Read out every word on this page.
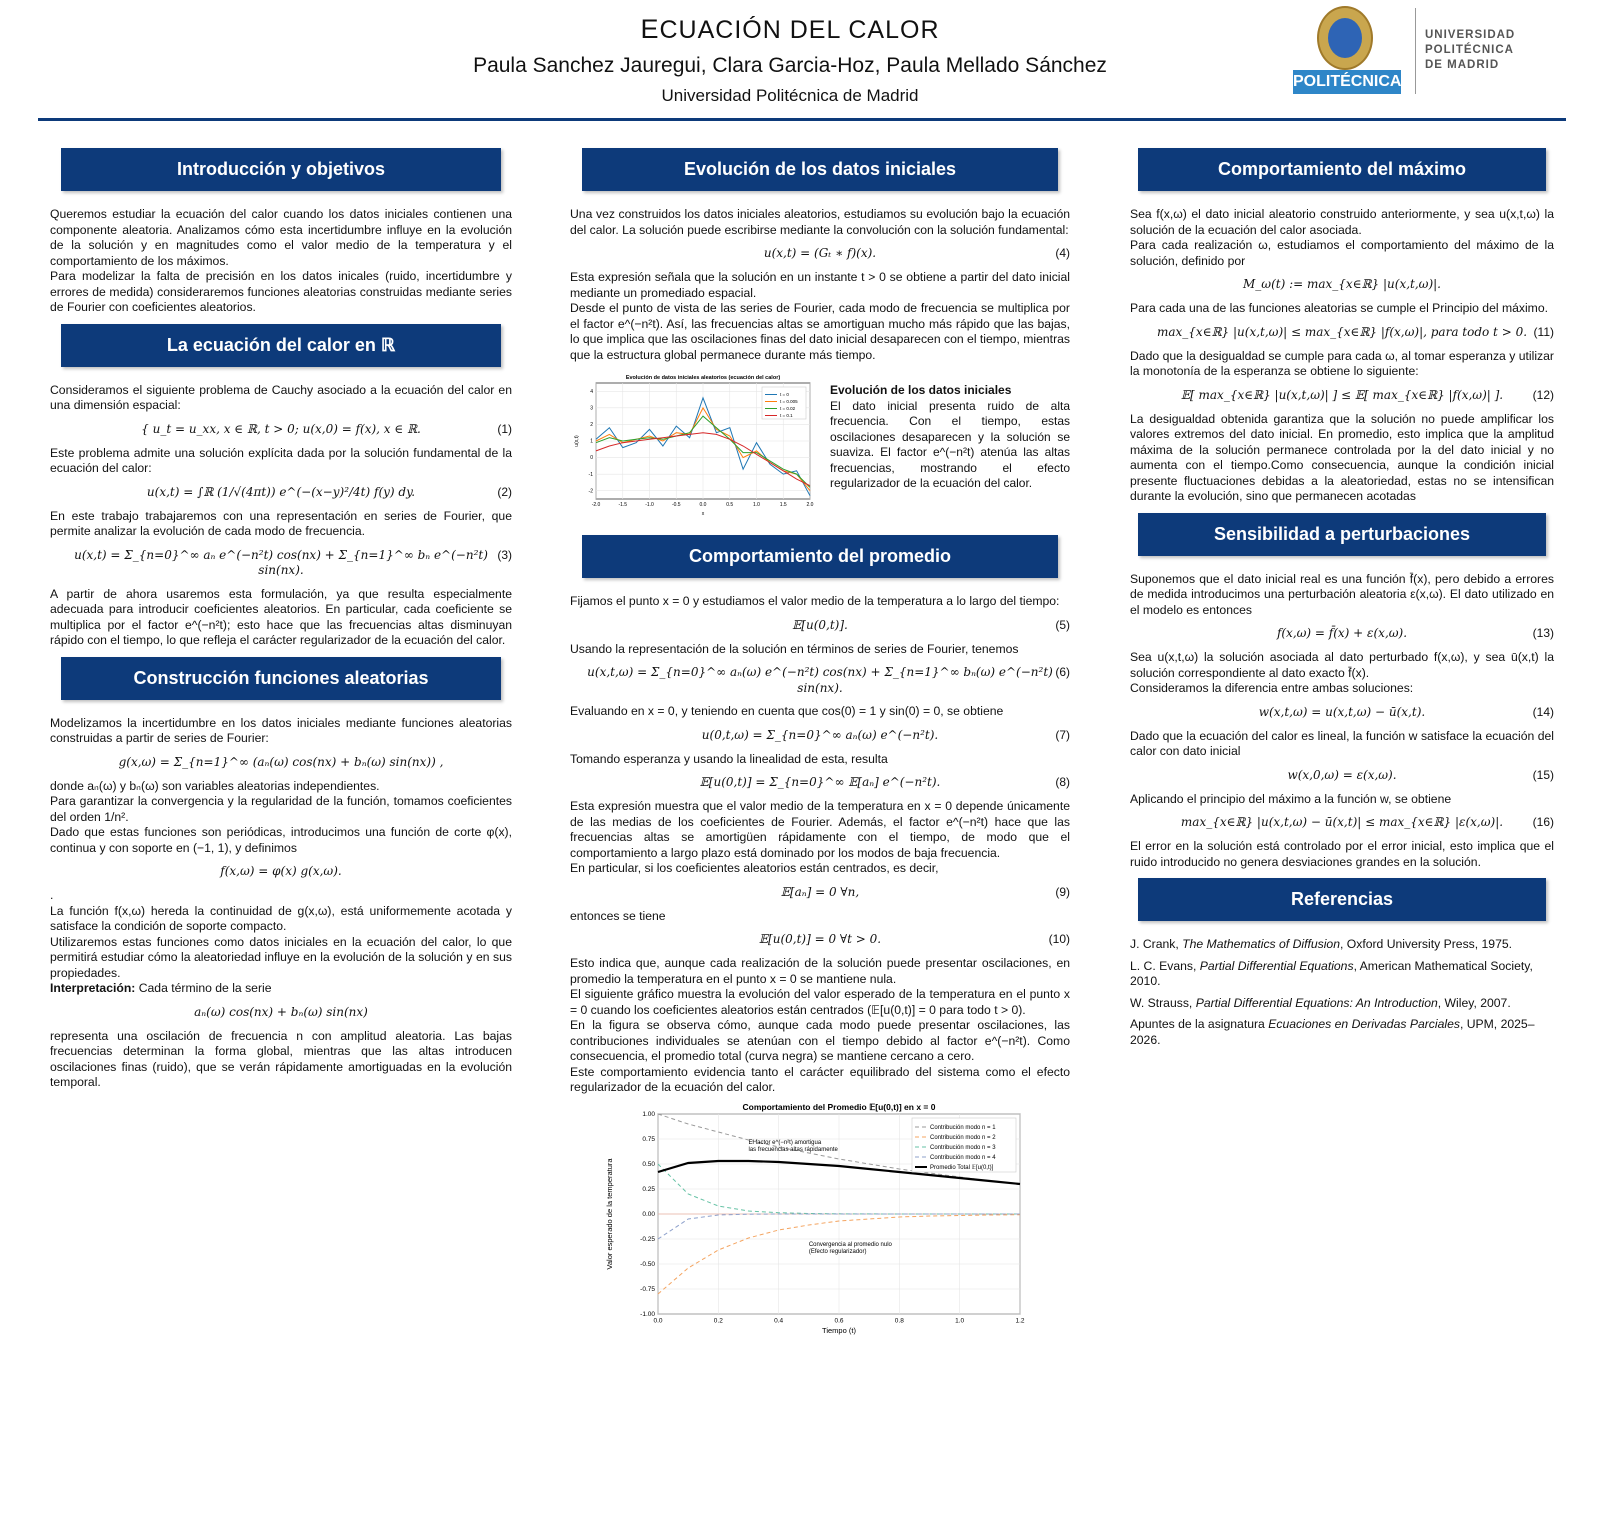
ECUACIÓN DEL CALOR
Paula Sanchez Jauregui, Clara Garcia-Hoz, Paula Mellado Sánchez
Universidad Politécnica de Madrid
POLITÉCNICA
UNIVERSIDAD
POLITÉCNICA
DE MADRID
Introducción y objetivos

Queremos estudiar la ecuación del calor cuando los datos iniciales contienen una componente aleatoria. Analizamos cómo esta incertidumbre influye en la evolución de la solución y en magnitudes como el valor medio de la temperatura y el comportamiento de los máximos.

Para modelizar la falta de precisión en los datos inicales (ruido, incertidumbre y errores de medida) consideraremos funciones aleatorias construidas mediante series de Fourier con coeficientes aleatorios.

La ecuación del calor en ℝ

Consideramos el siguiente problema de Cauchy asociado a la ecuación del calor en una dimensión espacial:

{ u_t = u_xx, x ∈ ℝ, t > 0; u(x,0) = f(x), x ∈ ℝ.	(1)

Este problema admite una solución explícita dada por la solución fundamental de la ecuación del calor:

u(x,t) = ∫ℝ (1/√(4πt)) e^(−(x−y)²/4t) f(y) dy.	(2)

En este trabajo trabajaremos con una representación en series de Fourier, que permite analizar la evolución de cada modo de frecuencia.

u(x,t) = Σ_{n=0}^∞ aₙ e^(−n²t) cos(nx) + Σ_{n=1}^∞ bₙ e^(−n²t) sin(nx).
(3)

A partir de ahora usaremos esta formulación, ya que resulta especialmente adecuada para introducir coeficientes aleatorios. En particular, cada coeficiente se multiplica por el factor e^(−n²t); esto hace que las frecuencias altas disminuyan rápido con el tiempo, lo que refleja el carácter regularizador de la ecuación del calor.

Construcción funciones aleatorias

Modelizamos la incertidumbre en los datos iniciales mediante funciones aleatorias construidas a partir de series de Fourier:

g(x,ω) = Σ_{n=1}^∞ (aₙ(ω) cos(nx) + bₙ(ω) sin(nx)) ,

donde aₙ(ω) y bₙ(ω) son variables aleatorias independientes.

Para garantizar la convergencia y la regularidad de la función, tomamos coeficientes del orden 1/n².

Dado que estas funciones son periódicas, introducimos una función de corte φ(x), continua y con soporte en (−1, 1), y definimos

f(x,ω) = φ(x) g(x,ω).

.

La función f(x,ω) hereda la continuidad de g(x,ω), está uniformemente acotada y satisface la condición de soporte compacto.

Utilizaremos estas funciones como datos iniciales en la ecuación del calor, lo que permitirá estudiar cómo la aleatoriedad influye en la evolución de la solución y en sus propiedades.

Interpretación: Cada término de la serie

aₙ(ω) cos(nx) + bₙ(ω) sin(nx)

representa una oscilación de frecuencia n con amplitud aleatoria. Las bajas frecuencias determinan la forma global, mientras que las altas introducen oscilaciones finas (ruido), que se verán rápidamente amortiguadas en la evolución temporal.

Evolución de los datos iniciales

Una vez construidos los datos iniciales aleatorios, estudiamos su evolución bajo la ecuación del calor. La solución puede escribirse mediante la convolución con la solución fundamental:

u(x,t) = (Gₜ ∗ f)(x).	(4)

Esta expresión señala que la solución en un instante t > 0 se obtiene a partir del dato inicial mediante un promediado espacial.

Desde el punto de vista de las series de Fourier, cada modo de frecuencia se multiplica por el factor e^(−n²t). Así, las frecuencias altas se amortiguan mucho más rápido que las bajas, lo que implica que las oscilaciones finas del dato inicial desaparecen con el tiempo, mientras que la estructura global permanece durante más tiempo.

Evolución de datos iniciales aleatorios (ecuación del calor)
-2.0	-1.5	-1.0	-0.5	0.0	0.5	1.0	1.5	2.0
-2
-1
0
1
2
3
4
x
u(x,t)
t = 0
t = 0.005
t = 0.02
t = 0.1
Evolución de los datos iniciales
El dato inicial presenta ruido de alta frecuencia. Con el tiempo, estas oscilaciones desaparecen y la solución se suaviza. El factor e^(−n²t) atenúa las altas frecuencias, mostrando el efecto regularizador de la ecuación del calor.
Comportamiento del promedio

Fijamos el punto x = 0 y estudiamos el valor medio de la temperatura a lo largo del tiempo:

𝔼[u(0,t)].	(5)

Usando la representación de la solución en términos de series de Fourier, tenemos

u(x,t,ω) = Σ_{n=0}^∞ aₙ(ω) e^(−n²t) cos(nx) + Σ_{n=1}^∞ bₙ(ω) e^(−n²t) sin(nx).
(6)

Evaluando en x = 0, y teniendo en cuenta que cos(0) = 1 y sin(0) = 0, se obtiene

u(0,t,ω) = Σ_{n=0}^∞ aₙ(ω) e^(−n²t).	(7)

Tomando esperanza y usando la linealidad de esta, resulta

𝔼[u(0,t)] = Σ_{n=0}^∞ 𝔼[aₙ] e^(−n²t).	(8)

Esta expresión muestra que el valor medio de la temperatura en x = 0 depende únicamente de las medias de los coeficientes de Fourier. Además, el factor e^(−n²t) hace que las frecuencias altas se amortigüen rápidamente con el tiempo, de modo que el comportamiento a largo plazo está dominado por los modos de baja frecuencia.

En particular, si los coeficientes aleatorios están centrados, es decir,

𝔼[aₙ] = 0 ∀n,	(9)

entonces se tiene

𝔼[u(0,t)] = 0 ∀t > 0.	(10)

Esto indica que, aunque cada realización de la solución puede presentar oscilaciones, en promedio la temperatura en el punto x = 0 se mantiene nula.

El siguiente gráfico muestra la evolución del valor esperado de la temperatura en el punto x = 0 cuando los coeficientes aleatorios están centrados (𝔼[u(0,t)] = 0 para todo t > 0).

En la figura se observa cómo, aunque cada modo puede presentar oscilaciones, las contribuciones individuales se atenúan con el tiempo debido al factor e^(−n²t). Como consecuencia, el promedio total (curva negra) se mantiene cercano a cero.

Este comportamiento evidencia tanto el carácter equilibrado del sistema como el efecto regularizador de la ecuación del calor.

Comportamiento del Promedio 𝔼[u(0,t)] en x = 0
0.0	0.2	0.4	0.6	0.8	1.0	1.2
-1.00
-0.75
-0.50
-0.25
0.00
0.25
0.50
0.75
1.00
Tiempo (t)
Valor esperado de la temperatura
Contribución modo n = 1
Contribución modo n = 2
Contribución modo n = 3
Contribución modo n = 4
Promedio Total 𝔼[u(0,t)]
El factor e^(−n²t) amortigua las frecuencias altas rápidamente
Convergencia al promedio nulo (Efecto regularizador)
Comportamiento del máximo

Sea f(x,ω) el dato inicial aleatorio construido anteriormente, y sea u(x,t,ω) la solución de la ecuación del calor asociada.

Para cada realización ω, estudiamos el comportamiento del máximo de la solución, definido por

M_ω(t) := max_{x∈ℝ} |u(x,t,ω)|.

Para cada una de las funciones aleatorias se cumple el Principio del máximo.

max_{x∈ℝ} |u(x,t,ω)| ≤ max_{x∈ℝ} |f(x,ω)|, para todo t > 0. (11)

Dado que la desigualdad se cumple para cada ω, al tomar esperanza y utilizar la monotonía de la esperanza se obtiene lo siguiente:

𝔼[ max_{x∈ℝ} |u(x,t,ω)| ] ≤ 𝔼[ max_{x∈ℝ} |f(x,ω)| ]. (12)

La desigualdad obtenida garantiza que la solución no puede amplificar los valores extremos del dato inicial. En promedio, esto implica que la amplitud máxima de la solución permanece controlada por la del dato inicial y no aumenta con el tiempo.Como consecuencia, aunque la condición inicial presente fluctuaciones debidas a la aleatoriedad, estas no se intensifican durante la evolución, sino que permanecen acotadas

Sensibilidad a perturbaciones

Suponemos que el dato inicial real es una función f̄(x), pero debido a errores de medida introducimos una perturbación aleatoria ε(x,ω). El dato utilizado en el modelo es entonces

f(x,ω) = f̄(x) + ε(x,ω).	(13)

Sea u(x,t,ω) la solución asociada al dato perturbado f(x,ω), y sea ū(x,t) la solución correspondiente al dato exacto f̄(x).

Consideramos la diferencia entre ambas soluciones:

w(x,t,ω) = u(x,t,ω) − ū(x,t).	(14)

Dado que la ecuación del calor es lineal, la función w satisface la ecuación del calor con dato inicial

w(x,0,ω) = ε(x,ω).	(15)

Aplicando el principio del máximo a la función w, se obtiene

max_{x∈ℝ} |u(x,t,ω) − ū(x,t)| ≤ max_{x∈ℝ} |ε(x,ω)|. (16)

El error en la solución está controlado por el error inicial, esto implica que el ruido introducido no genera desviaciones grandes en la solución.

Referencias

J. Crank, The Mathematics of Diffusion, Oxford University Press, 1975.

L. C. Evans, Partial Differential Equations, American Mathematical Society, 2010.

W. Strauss, Partial Differential Equations: An Introduction, Wiley, 2007.

Apuntes de la asignatura Ecuaciones en Derivadas Parciales, UPM, 2025–2026.
